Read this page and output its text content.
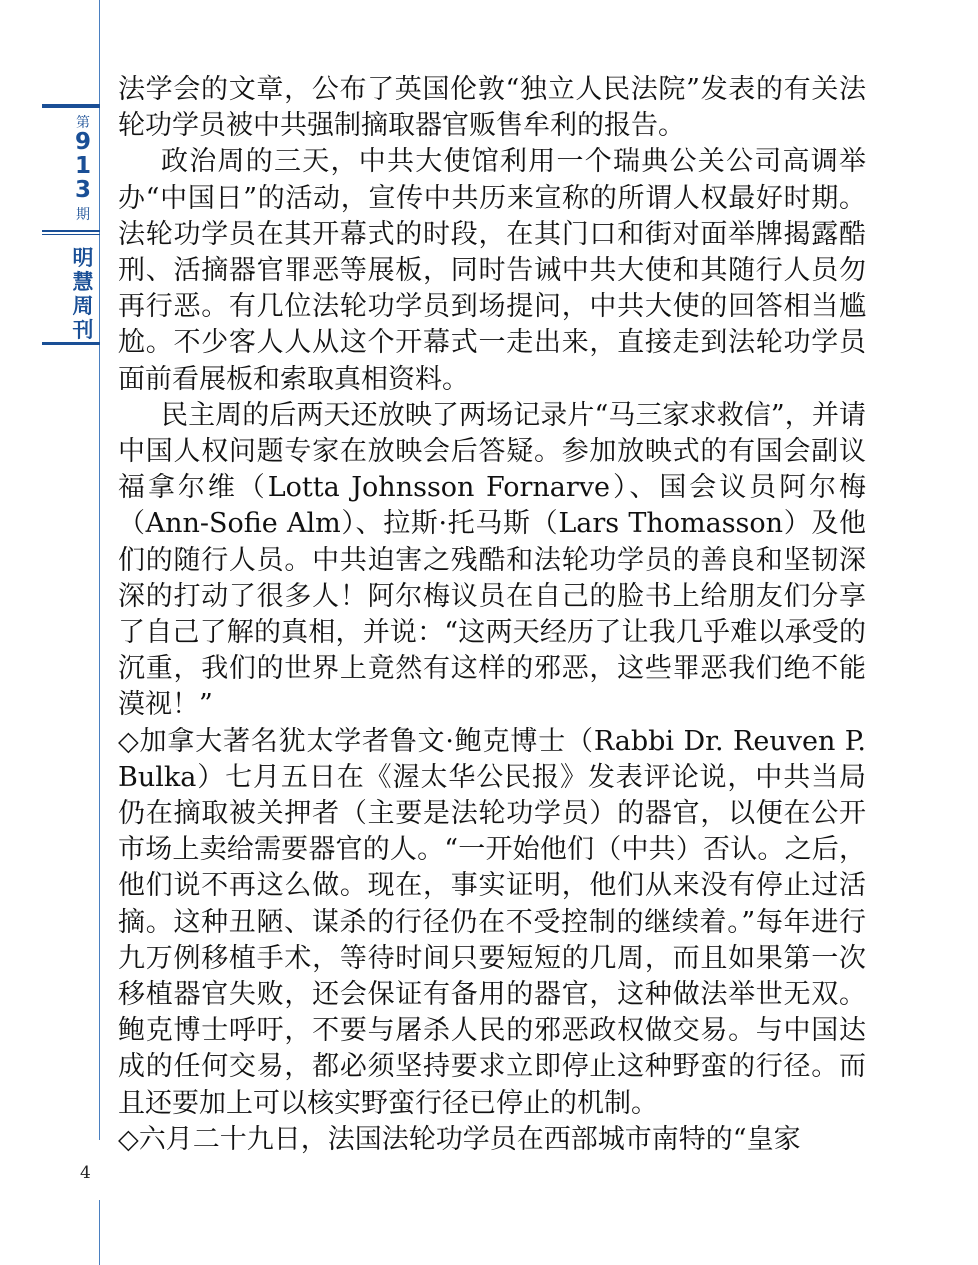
第
9
1
3
期
明
慧
周
刊
4

法学会的文章，公布了英国伦敦“独立人民法院”发表的有关法轮功学员被中共强制摘取器官贩售牟利的报告。

政治周的三天，中共大使馆利用一个瑞典公关公司高调举办“中国日”的活动，宣传中共历来宣称的所谓人权最好时期。法轮功学员在其开幕式的时段，在其门口和街对面举牌揭露酷刑、活摘器官罪恶等展板，同时告诫中共大使和其随行人员勿再行恶。有几位法轮功学员到场提问，中共大使的回答相当尴尬。不少客人人从这个开幕式一走出来，直接走到法轮功学员面前看展板和索取真相资料。

民主周的后两天还放映了两场记录片“马三家求救信”，并请中国人权问题专家在放映会后答疑。参加放映式的有国会副议福拿尔维（Lotta Johnsson Fornarve）、国会议员阿尔梅（Ann-Sofie Alm）、拉斯·托马斯（Lars Thomasson）及他们的随行人员。中共迫害之残酷和法轮功学员的善良和坚韧深深的打动了很多人！阿尔梅议员在自己的脸书上给朋友们分享了自己了解的真相，并说：“这两天经历了让我几乎难以承受的沉重，我们的世界上竟然有这样的邪恶，这些罪恶我们绝不能漠视！”

◇加拿大著名犹太学者鲁文·鲍克博士（Rabbi Dr. Reuven P. Bulka）七月五日在《渥太华公民报》发表评论说，中共当局仍在摘取被关押者（主要是法轮功学员）的器官，以便在公开市场上卖给需要器官的人。“一开始他们（中共）否认。之后，他们说不再这么做。现在，事实证明，他们从来没有停止过活摘。这种丑陋、谋杀的行径仍在不受控制的继续着。”每年进行九万例移植手术，等待时间只要短短的几周，而且如果第一次移植器官失败，还会保证有备用的器官，这种做法举世无双。鲍克博士呼吁，不要与屠杀人民的邪恶政权做交易。与中国达成的任何交易，都必须坚持要求立即停止这种野蛮的行径。而且还要加上可以核实野蛮行径已停止的机制。

◇六月二十九日，法国法轮功学员在西部城市南特的“皇家
